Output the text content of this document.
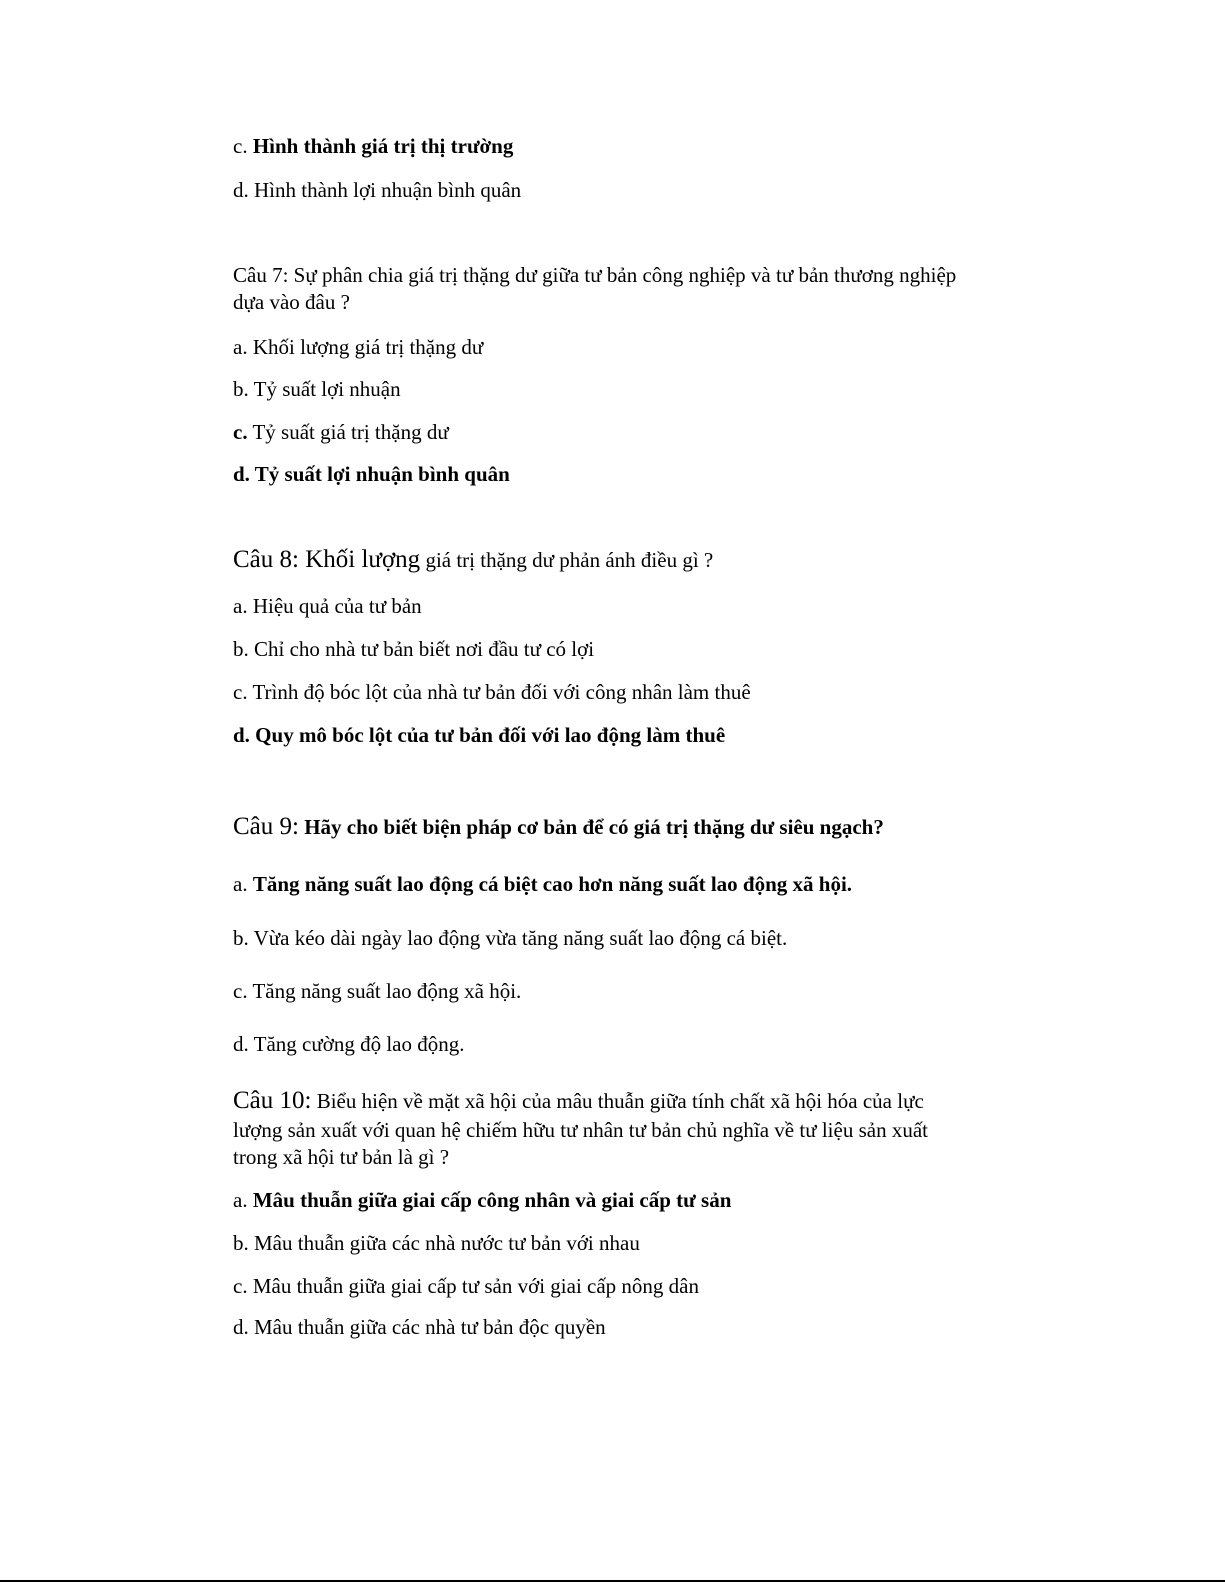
c. Hình thành giá trị thị trường
d. Hình thành lợi nhuận bình quân
Câu 7: Sự phân chia giá trị thặng dư giữa tư bản công nghiệp và tư bản thương nghiệp
dựa vào đâu ?
a. Khối lượng giá trị thặng dư
b. Tỷ suất lợi nhuận
c. Tỷ suất giá trị thặng dư
d. Tỷ suất lợi nhuận bình quân
Câu 8: Khối lượng giá trị thặng dư phản ánh điều gì ?
a. Hiệu quả của tư bản
b. Chỉ cho nhà tư bản biết nơi đầu tư có lợi
c. Trình độ bóc lột của nhà tư bản đối với công nhân làm thuê
d. Quy mô bóc lột của tư bản đối với lao động làm thuê
Câu 9: Hãy cho biết biện pháp cơ bản để có giá trị thặng dư siêu ngạch?
a. Tăng năng suất lao động cá biệt cao hơn năng suất lao động xã hội.
b. Vừa kéo dài ngày lao động vừa tăng năng suất lao động cá biệt.
c. Tăng năng suất lao động xã hội.
d. Tăng cường độ lao động.
Câu 10: Biểu hiện về mặt xã hội của mâu thuẫn giữa tính chất xã hội hóa của lực
lượng sản xuất với quan hệ chiếm hữu tư nhân tư bản chủ nghĩa về tư liệu sản xuất
trong xã hội tư bản là gì ?
a. Mâu thuẫn giữa giai cấp công nhân và giai cấp tư sản
b. Mâu thuẫn giữa các nhà nước tư bản với nhau
c. Mâu thuẫn giữa giai cấp tư sản với giai cấp nông dân
d. Mâu thuẫn giữa các nhà tư bản độc quyền
